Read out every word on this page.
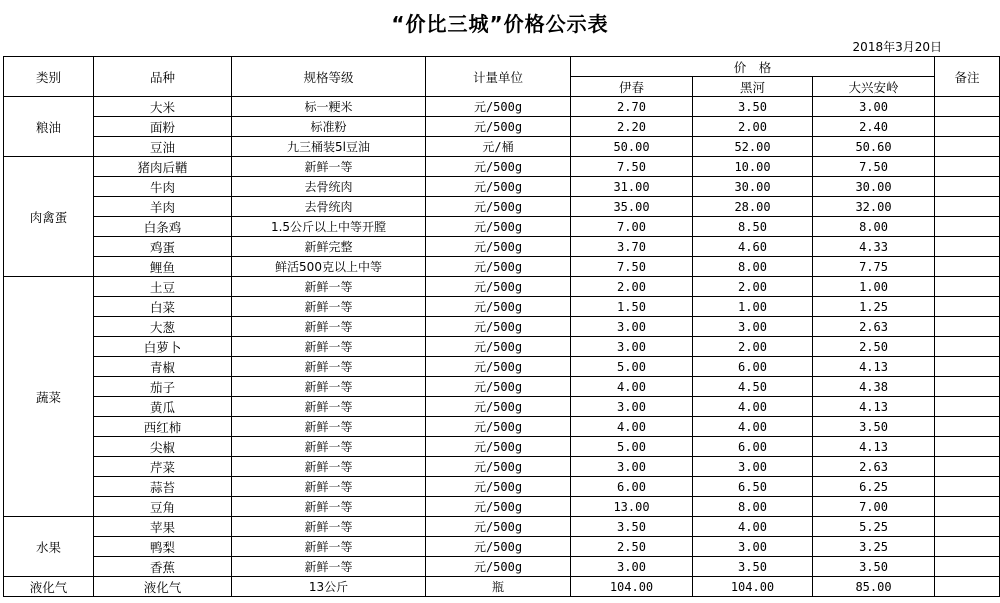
“价比三城”价格公示表
2018年3月20日
类别	品种	规格等级	计量单位	价　格			备注
				伊春	黑河	大兴安岭	
粮油	大米	标一粳米	元/500g	2.70	3.50	3.00	
	面粉	标准粉	元/500g	2.20	2.00	2.40	
	豆油	九三桶装5l豆油	元/桶	50.00	52.00	50.60	
肉禽蛋	猪肉后鞧	新鲜一等	元/500g	7.50	10.00	7.50	
	牛肉	去骨统肉	元/500g	31.00	30.00	30.00	
	羊肉	去骨统肉	元/500g	35.00	28.00	32.00	
	白条鸡	1.5公斤以上中等开膛	元/500g	7.00	8.50	8.00	
	鸡蛋	新鲜完整	元/500g	3.70	4.60	4.33	
	鲤鱼	鲜活500克以上中等	元/500g	7.50	8.00	7.75	
蔬菜	土豆	新鲜一等	元/500g	2.00	2.00	1.00	
	白菜	新鲜一等	元/500g	1.50	1.00	1.25	
	大葱	新鲜一等	元/500g	3.00	3.00	2.63	
	白萝卜	新鲜一等	元/500g	3.00	2.00	2.50	
	青椒	新鲜一等	元/500g	5.00	6.00	4.13	
	茄子	新鲜一等	元/500g	4.00	4.50	4.38	
	黄瓜	新鲜一等	元/500g	3.00	4.00	4.13	
	西红柿	新鲜一等	元/500g	4.00	4.00	3.50	
	尖椒	新鲜一等	元/500g	5.00	6.00	4.13	
	芹菜	新鲜一等	元/500g	3.00	3.00	2.63	
	蒜苔	新鲜一等	元/500g	6.00	6.50	6.25	
	豆角	新鲜一等	元/500g	13.00	8.00	7.00	
水果	苹果	新鲜一等	元/500g	3.50	4.00	5.25	
	鸭梨	新鲜一等	元/500g	2.50	3.00	3.25	
	香蕉	新鲜一等	元/500g	3.00	3.50	3.50	
液化气	液化气	13公斤	瓶	104.00	104.00	85.00	
